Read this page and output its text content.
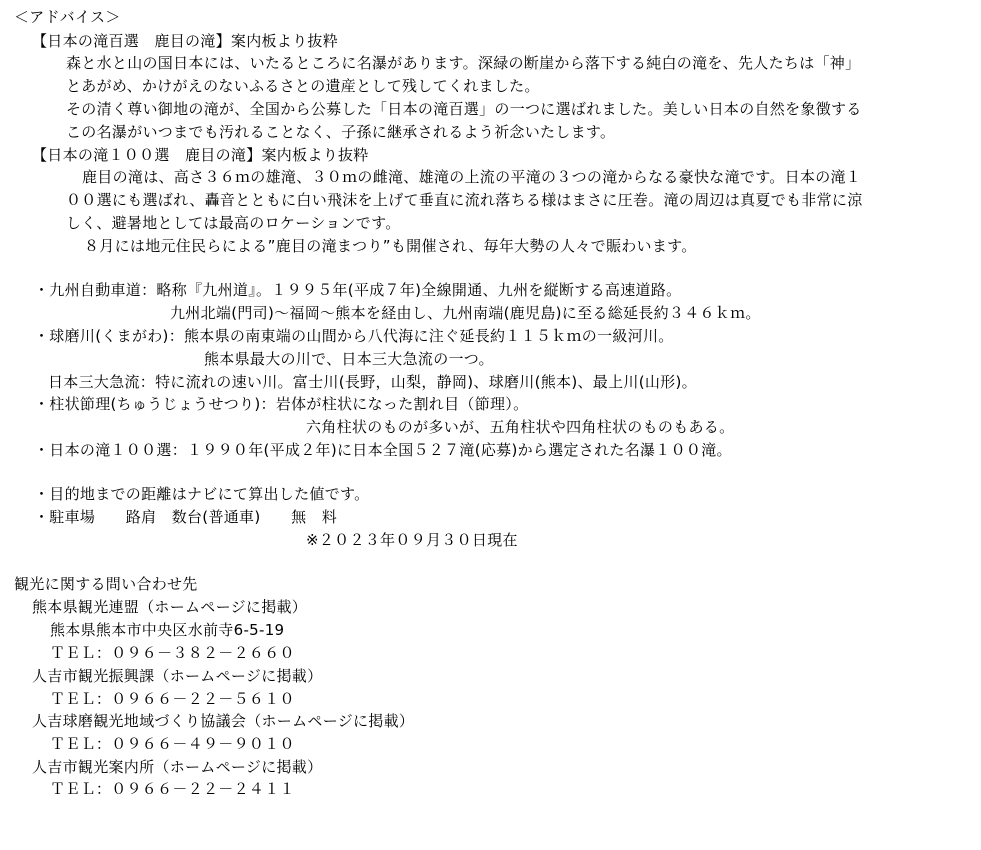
＜アドバイス＞
【日本の滝百選　鹿目の滝】案内板より抜粋
森と水と山の国日本には、いたるところに名瀑があります。深緑の断崖から落下する純白の滝を、先人たちは「神」
とあがめ、かけがえのないふるさとの遺産として残してくれました。
その清く尊い御地の滝が、全国から公募した「日本の滝百選」の一つに選ばれました。美しい日本の自然を象徴する
この名瀑がいつまでも汚れることなく、子孫に継承されるよう祈念いたします。
【日本の滝１００選　鹿目の滝】案内板より抜粋
鹿目の滝は、高さ３６ｍの雄滝、３０ｍの雌滝、雄滝の上流の平滝の３つの滝からなる豪快な滝です。日本の滝１
００選にも選ばれ、轟音とともに白い飛沫を上げて垂直に流れ落ちる様はまさに圧巻。滝の周辺は真夏でも非常に涼
しく、避暑地としては最高のロケーションです。
８月には地元住民らによる”鹿目の滝まつり”も開催され、毎年大勢の人々で賑わいます。
・九州自動車道：略称『九州道』。１９９５年(平成７年)全線開通、九州を縦断する高速道路。
九州北端(門司)～福岡～熊本を経由し、九州南端(鹿児島)に至る総延長約３４６ｋｍ。
・球磨川(くまがわ)：熊本県の南東端の山間から八代海に注ぐ延長約１１５ｋｍの一級河川。
熊本県最大の川で、日本三大急流の一つ。
日本三大急流：特に流れの速い川。富士川(長野，山梨，静岡)、球磨川(熊本)、最上川(山形)。
・柱状節理(ちゅうじょうせつり)：岩体が柱状になった割れ目（節理）。
六角柱状のものが多いが、五角柱状や四角柱状のものもある。
・日本の滝１００選：１９９０年(平成２年)に日本全国５２７滝(応募)から選定された名瀑１００滝。
・目的地までの距離はナビにて算出した値です。
・駐車場　　路肩　数台(普通車)　　無　料
※２０２３年０９月３０日現在
観光に関する問い合わせ先
熊本県観光連盟（ホームページに掲載）
熊本県熊本市中央区水前寺6-5-19
ＴＥＬ：０９６－３８２－２６６０
人吉市観光振興課（ホームページに掲載）
ＴＥＬ：０９６６－２２－５６１０
人吉球磨観光地域づくり協議会（ホームページに掲載）
ＴＥＬ：０９６６－４９－９０１０
人吉市観光案内所（ホームページに掲載）
ＴＥＬ：０９６６－２２－２４１１
